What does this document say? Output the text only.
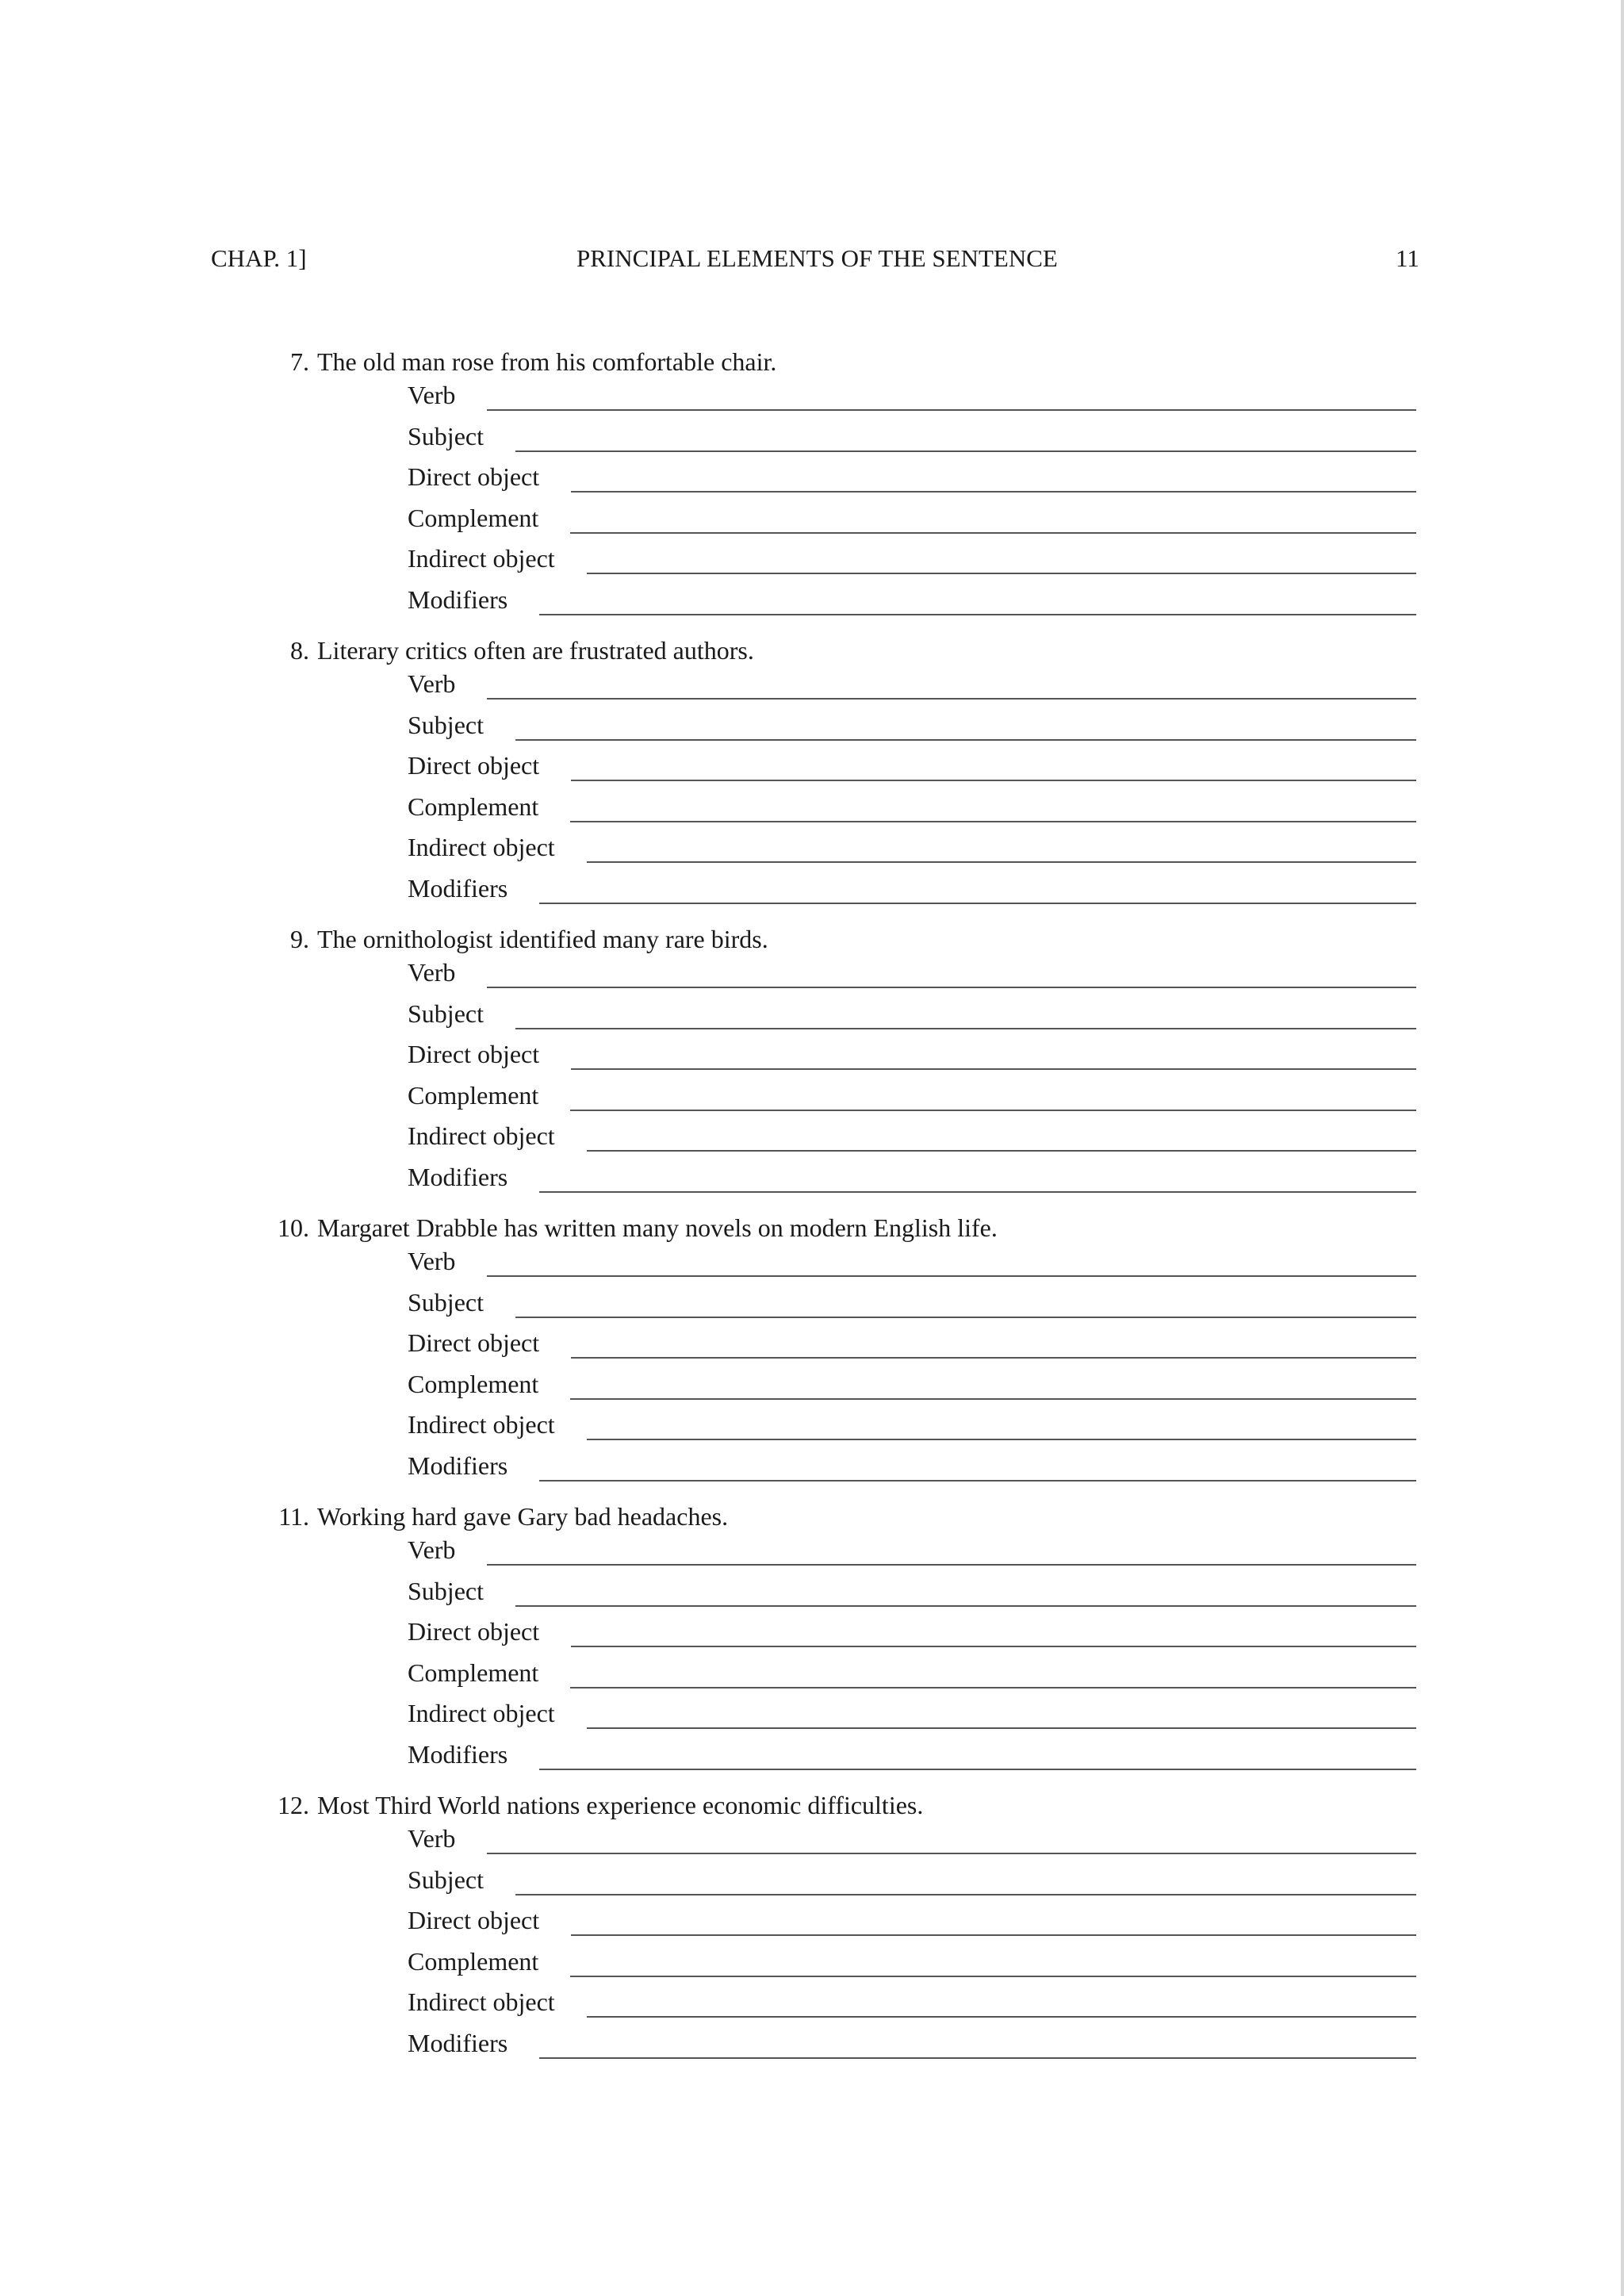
CHAP. 1]	PRINCIPAL ELEMENTS OF THE SENTENCE	11
7. The old man rose from his comfortable chair.
Verb
Subject
Direct object
Complement
Indirect object
Modifiers
8. Literary critics often are frustrated authors.
Verb
Subject
Direct object
Complement
Indirect object
Modifiers
9. The ornithologist identified many rare birds.
Verb
Subject
Direct object
Complement
Indirect object
Modifiers
10. Margaret Drabble has written many novels on modern English life.
Verb
Subject
Direct object
Complement
Indirect object
Modifiers
11. Working hard gave Gary bad headaches.
Verb
Subject
Direct object
Complement
Indirect object
Modifiers
12. Most Third World nations experience economic difficulties.
Verb
Subject
Direct object
Complement
Indirect object
Modifiers
